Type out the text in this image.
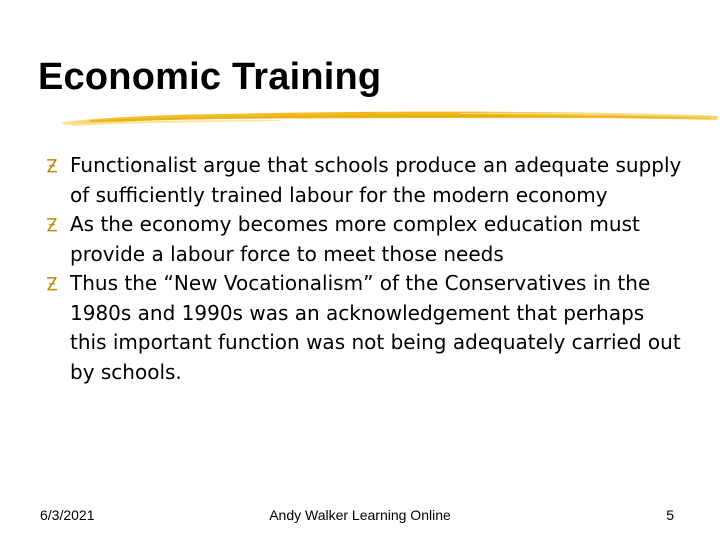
Economic Training
Functionalist argue that schools produce an adequate supply of sufficiently trained labour for the modern economy
As the economy becomes more complex education must provide a labour force to meet those needs
Thus the “New Vocationalism” of the Conservatives in the 1980s and 1990s was an acknowledgement that perhaps this important function was not being adequately carried out by schools.
6/3/2021	Andy Walker Learning Online	5
